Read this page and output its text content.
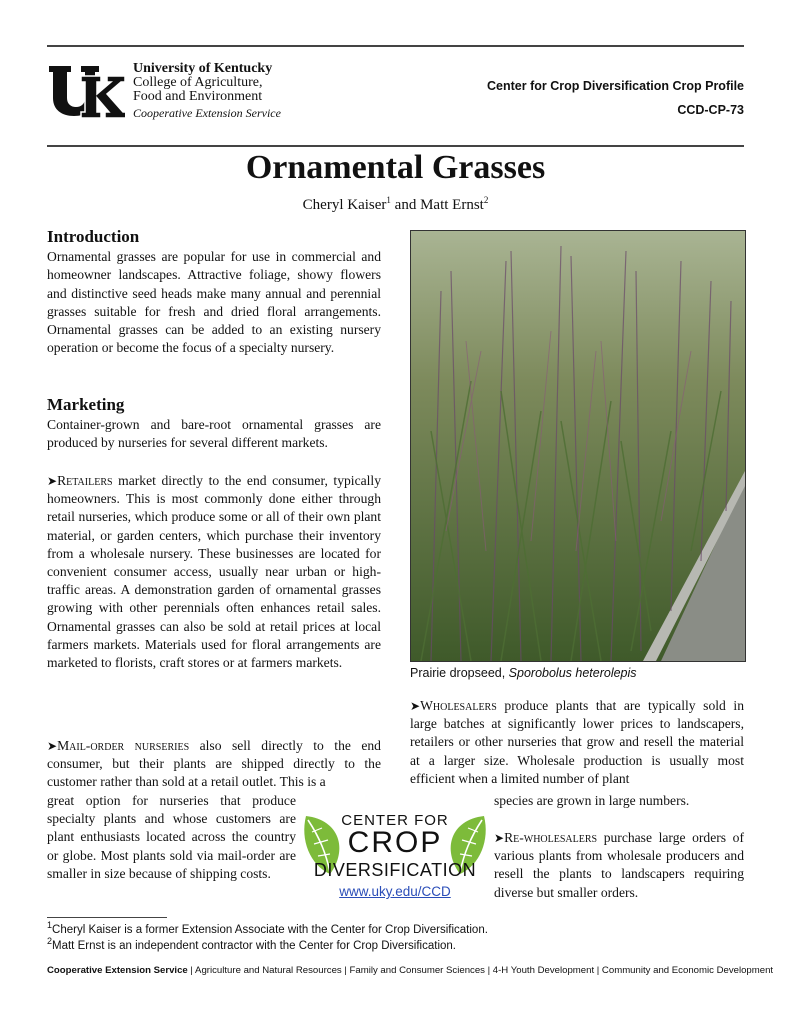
University of Kentucky
College of Agriculture,
Food and Environment
Cooperative Extension Service
Center for Crop Diversification Crop Profile
CCD-CP-73
Ornamental Grasses
Cheryl Kaiser$^1$ and Matt Ernst$^2$
Introduction

Ornamental grasses are popular for use in commercial and homeowner landscapes. Attractive foliage, showy flowers and distinctive seed heads make many annual and perennial grasses suitable for fresh and dried floral arrangements. Ornamental grasses can be added to an existing nursery operation or become the focus of a specialty nursery.

Marketing

Container-grown and bare-root ornamental grasses are produced by nurseries for several different markets.

➤Retailers market directly to the end consumer, typically homeowners. This is most commonly done either through retail nurseries, which produce some or all of their own plant material, or garden centers, which purchase their inventory from a wholesale nursery. These businesses are located for convenient consumer access, usually near urban or high-traffic areas. A demonstration garden of ornamental grasses growing with other perennials often enhances retail sales. Ornamental grasses can also be sold at retail prices at local farmers markets. Materials used for floral arrangements are marketed to florists, craft stores or at farmers markets.

➤Mail-order nurseries also sell directly to the end consumer, but their plants are shipped directly to the customer rather than sold at a retail outlet. This is a

great option for nurseries that produce specialty plants and whose customers are plant enthusiasts located across the country or globe. Most plants sold via mail-order are smaller in size because of shipping costs.

Prairie dropseed, Sporobolus heterolepis

➤Wholesalers produce plants that are typically sold in large batches at significantly lower prices to landscapers, retailers or other nurseries that grow and resell the material at a larger size. Wholesale production is usually most efficient when a limited number of plant

species are grown in large numbers.

➤Re-wholesalers purchase large orders of various plants from wholesale producers and resell the plants to landscapers requiring diverse but smaller orders.

CENTER FOR
CROP
DIVERSIFICATION
www.uky.edu/CCD
$^1$Cheryl Kaiser is a former Extension Associate with the Center for Crop Diversification.
$^2$Matt Ernst is an independent contractor with the Center for Crop Diversification.
Cooperative Extension Service | Agriculture and Natural Resources | Family and Consumer Sciences | 4-H Youth Development | Community and Economic Development
